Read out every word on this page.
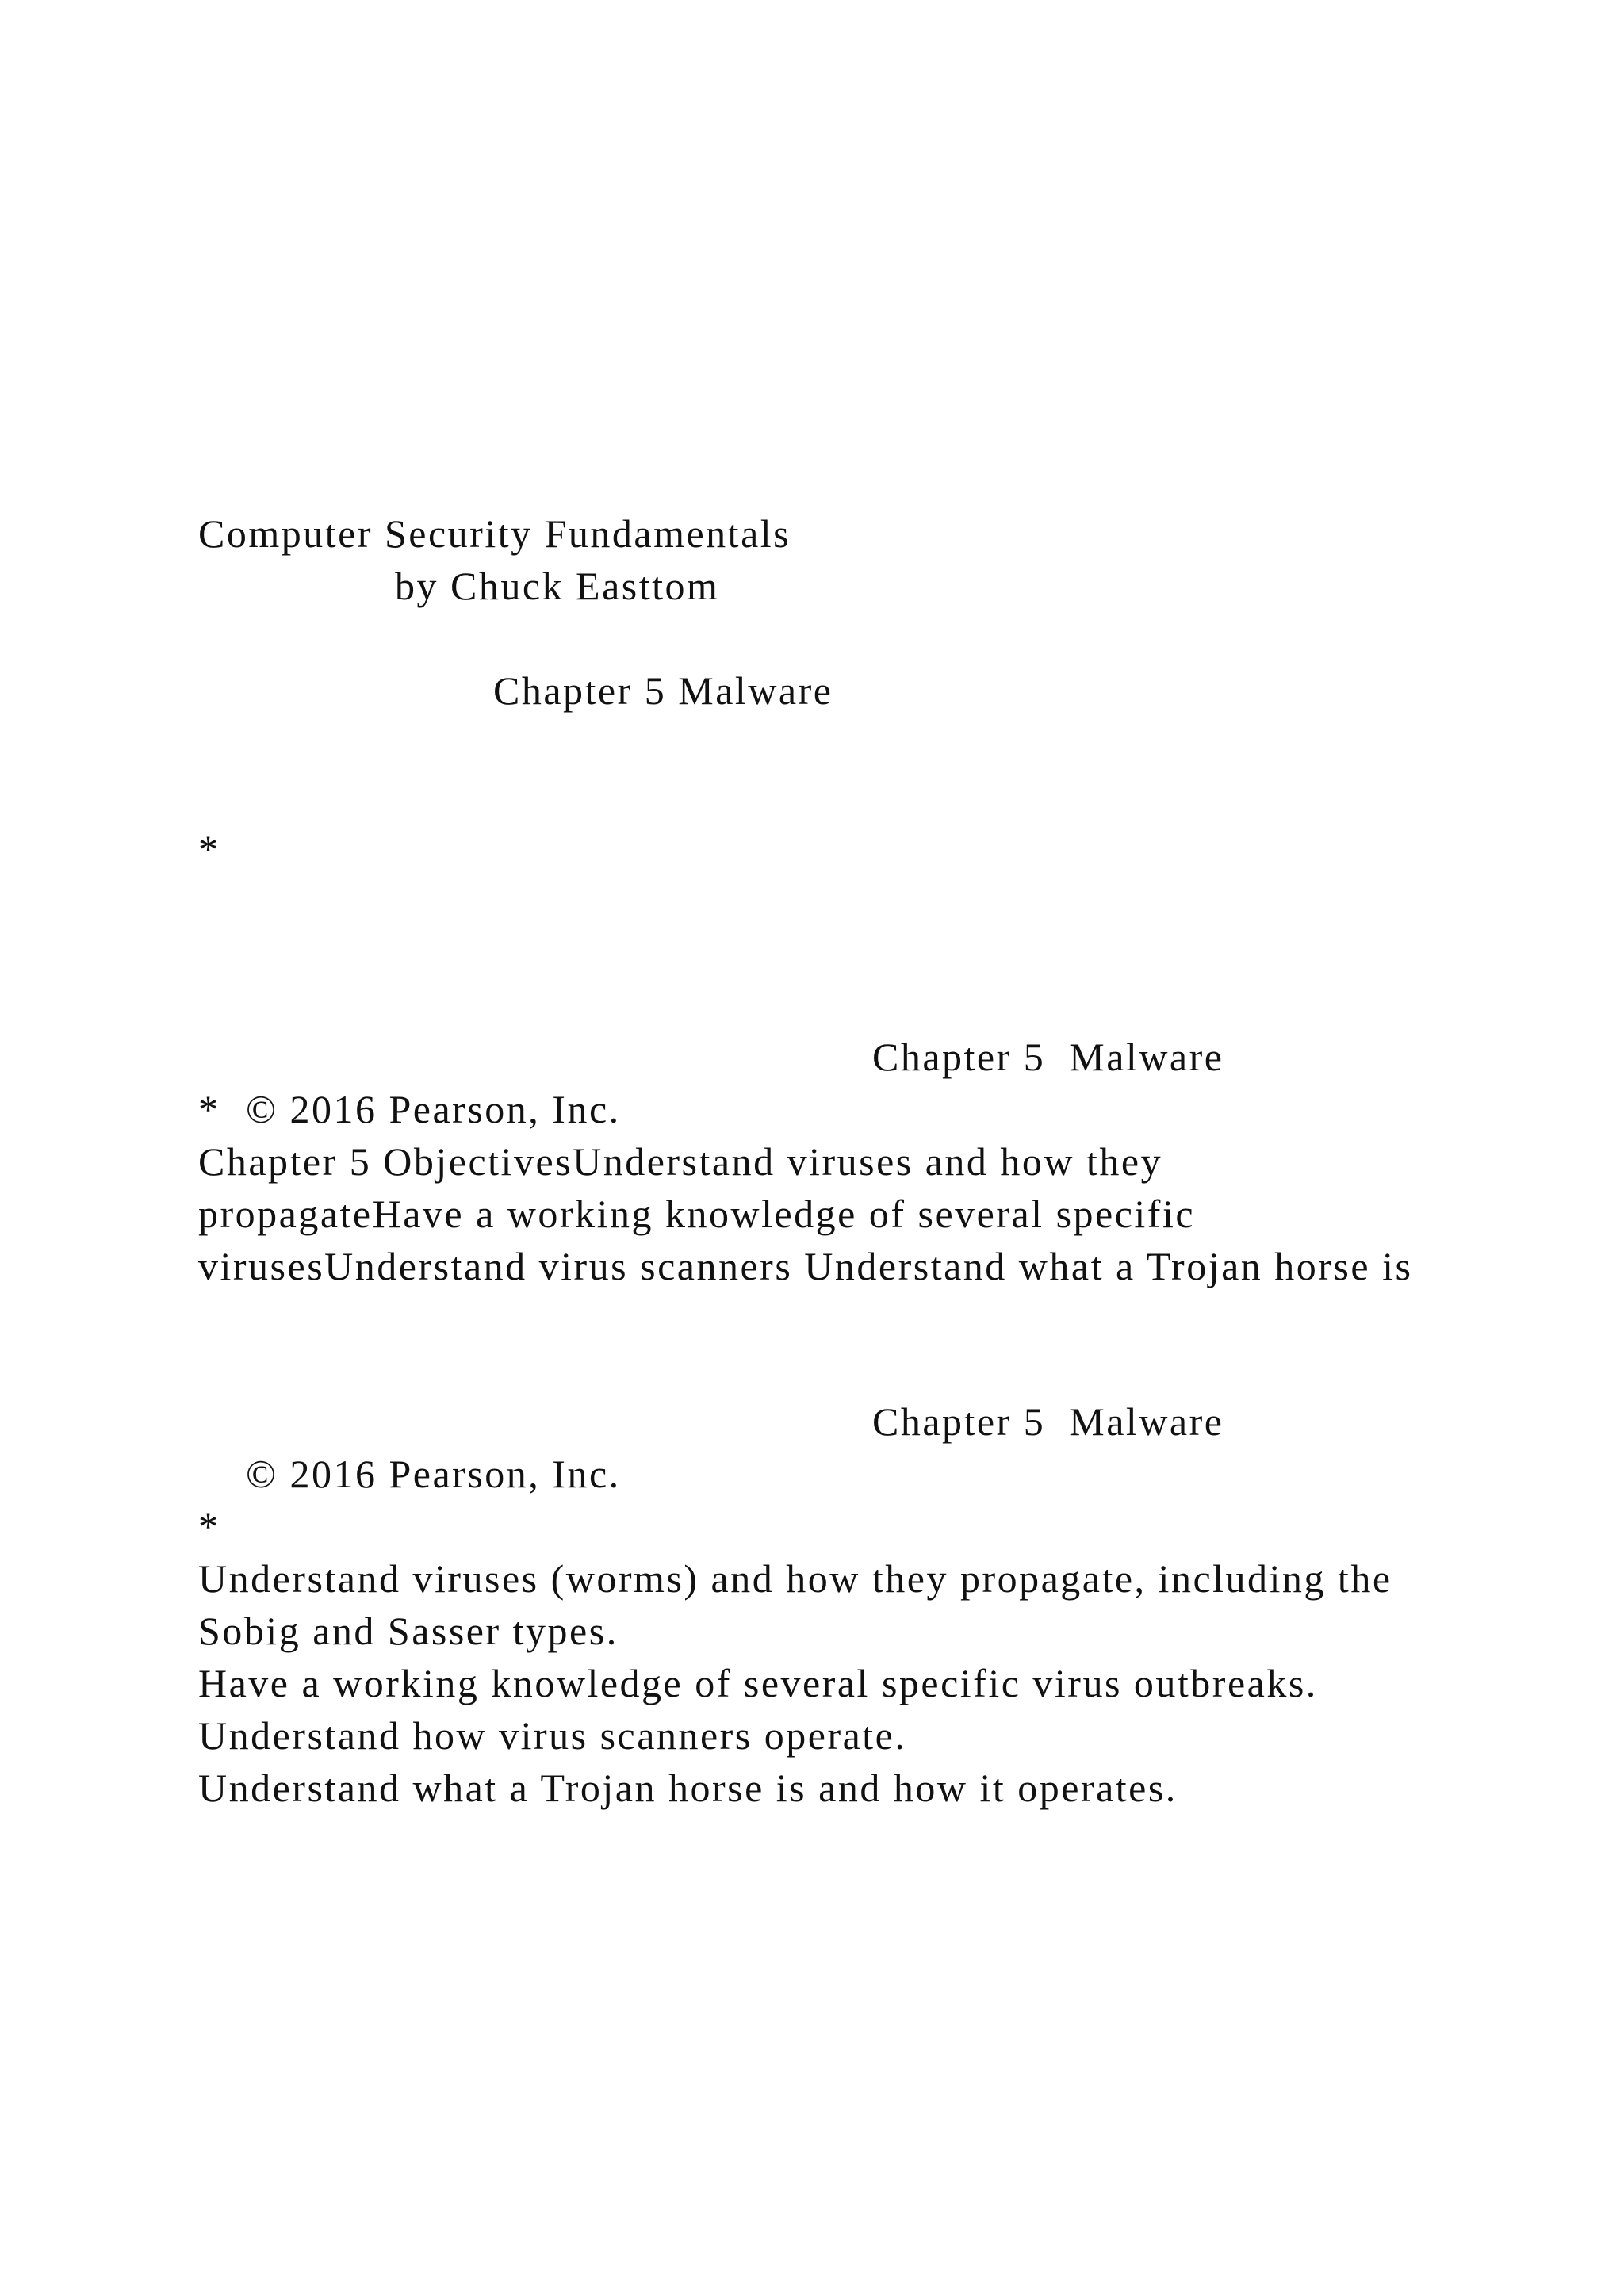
Computer Security Fundamentals

by Chuck Easttom

Chapter 5 Malware

*

© 2016 Pearson, Inc.

Chapter 5  Malware

*

Chapter 5 ObjectivesUnderstand viruses and how they propagateHave a working knowledge of several specific virusesUnderstand virus scanners Understand what a Trojan horse is

© 2016 Pearson, Inc.

Chapter 5  Malware

*

Understand viruses (worms) and how they propagate, including the Sobig and Sasser types.
Have a working knowledge of several specific virus outbreaks.
Understand how virus scanners operate.
Understand what a Trojan horse is and how it operates.
